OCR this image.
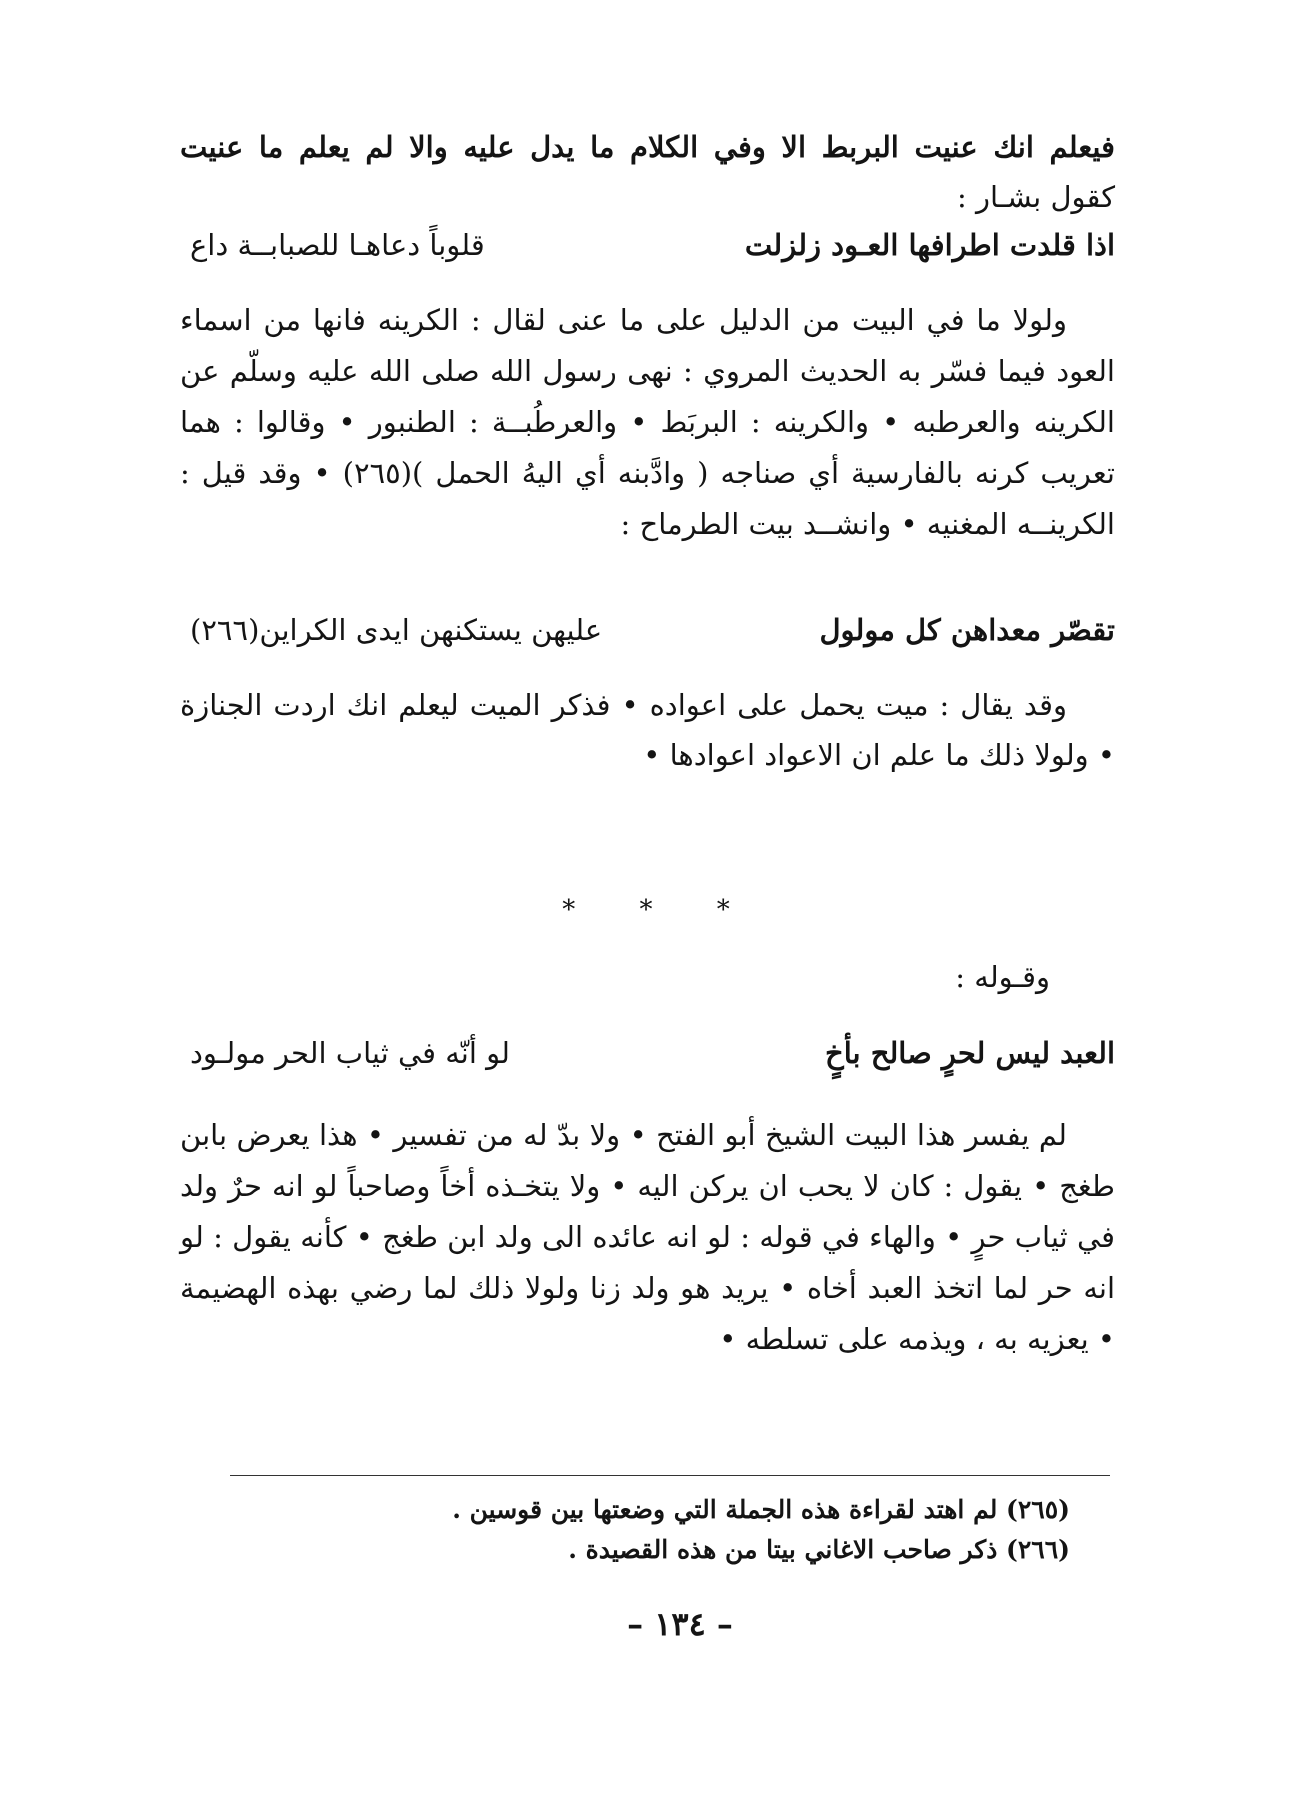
فيعلم انك عنيت البربط الا وفي الكلام ما يدل عليه والا لم يعلم ما عنيت

كقول بشـار :

اذا قلدت اطرافها العـود زلزلتقلوباً دعاهـا للصبابــة داع

ولولا ما في البيت من الدليل على ما عنى لقال : الكرينه فانها من اسماء العود فيما فسّر به الحديث المروي : نهى رسول الله صلى الله عليه وسلّم عن الكرينه والعرطبه • والكرينه : البربَط • والعرطُبــة : الطنبور • وقالوا : هما تعريب كرنه بالفارسية أي صناجه ( وادَّبنه أي اليهُ الحمل )(٢٦٥) • وقد قيل : الكرينــه المغنيه • وانشــد بيت الطرماح :

تقصّر معداهن كل مولولعليهن يستكنهن ايدى الكراين(٢٦٦)

وقد يقال : ميت يحمل على اعواده • فذكر الميت ليعلم انك اردت الجنازة • ولولا ذلك ما علم ان الاعواد اعوادها •

* * *
وقـوله :
العبد ليس لحرٍ صالح بأخٍلو أنّه في ثياب الحر مولـود

لم يفسر هذا البيت الشيخ أبو الفتح • ولا بدّ له من تفسير • هذا يعرض بابن طغج • يقول : كان لا يحب ان يركن اليه • ولا يتخـذه أخاً وصاحباً لو انه حرٌ ولد في ثياب حرٍ • والهاء في قوله : لو انه عائده الى ولد ابن طغج • كأنه يقول : لو انه حر لما اتخذ العبد أخاه • يريد هو ولد زنا ولولا ذلك لما رضي بهذه الهضيمة • يعزيه به ، ويذمه على تسلطه •

(٢٦٥) لم اهتد لقراءة هذه الجملة التي وضعتها بين قوسين .

(٢٦٦) ذكر صاحب الاغاني بيتا من هذه القصيدة .

– ١٣٤ –
